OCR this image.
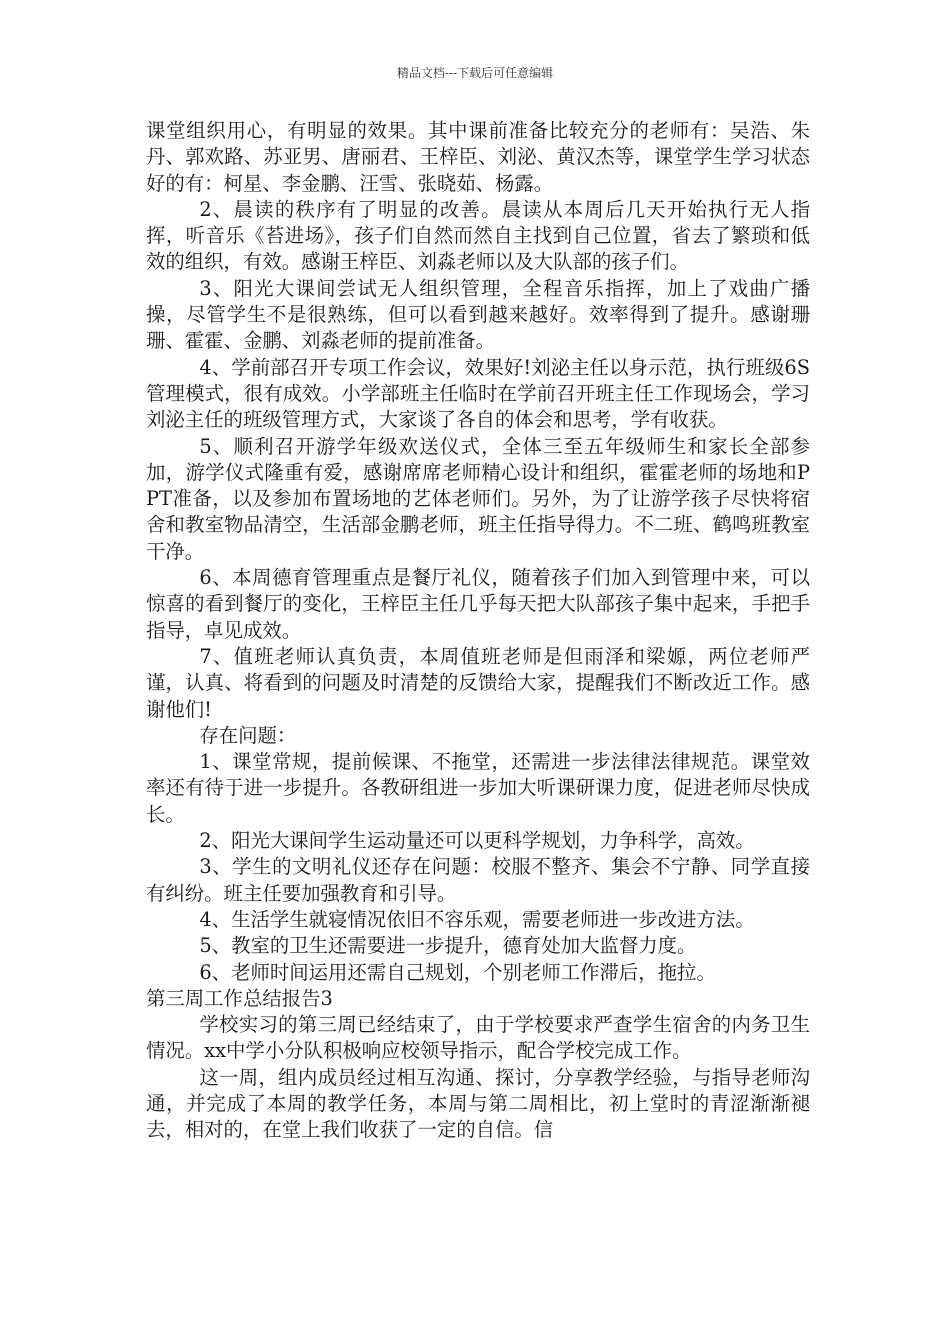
精品文档---下载后可任意编辑

课堂组织用心，有明显的效果。其中课前准备比较充分的老师有：吴浩、朱丹、郭欢路、苏亚男、唐丽君、王梓臣、刘泌、黄汉杰等，课堂学生学习状态好的有：柯星、李金鹏、汪雪、张晓茹、杨露。

2、晨读的秩序有了明显的改善。晨读从本周后几天开始执行无人指挥，听音乐《苔进场》，孩子们自然而然自主找到自己位置，省去了繁琐和低效的组织，有效。感谢王梓臣、刘淼老师以及大队部的孩子们。

3、阳光大课间尝试无人组织管理，全程音乐指挥，加上了戏曲广播操，尽管学生不是很熟练，但可以看到越来越好。效率得到了提升。感谢珊珊、霍霍、金鹏、刘淼老师的提前准备。

4、学前部召开专项工作会议，效果好!刘泌主任以身示范，执行班级6S管理模式，很有成效。小学部班主任临时在学前召开班主任工作现场会，学习刘泌主任的班级管理方式，大家谈了各自的体会和思考，学有收获。

5、顺利召开游学年级欢送仪式，全体三至五年级师生和家长全部参加，游学仪式隆重有爱，感谢席席老师精心设计和组织，霍霍老师的场地和PPT准备，以及参加布置场地的艺体老师们。另外，为了让游学孩子尽快将宿舍和教室物品清空，生活部金鹏老师，班主任指导得力。不二班、鹤鸣班教室干净。

6、本周德育管理重点是餐厅礼仪，随着孩子们加入到管理中来，可以惊喜的看到餐厅的变化，王梓臣主任几乎每天把大队部孩子集中起来，手把手指导，卓见成效。

7、值班老师认真负责，本周值班老师是但雨泽和梁嫄，两位老师严谨，认真、将看到的问题及时清楚的反馈给大家，提醒我们不断改近工作。感谢他们!

存在问题：

1、课堂常规，提前候课、不拖堂，还需进一步法律法律规范。课堂效率还有待于进一步提升。各教研组进一步加大听课研课力度，促进老师尽快成长。

2、阳光大课间学生运动量还可以更科学规划，力争科学，高效。

3、学生的文明礼仪还存在问题：校服不整齐、集会不宁静、同学直接有纠纷。班主任要加强教育和引导。

4、生活学生就寝情况依旧不容乐观，需要老师进一步改进方法。

5、教室的卫生还需要进一步提升，德育处加大监督力度。

6、老师时间运用还需自己规划，个别老师工作滞后，拖拉。

第三周工作总结报告3

学校实习的第三周已经结束了，由于学校要求严查学生宿舍的内务卫生情况。xx中学小分队积极响应校领导指示，配合学校完成工作。

这一周，组内成员经过相互沟通、探讨，分享教学经验，与指导老师沟通，并完成了本周的教学任务，本周与第二周相比，初上堂时的青涩渐渐褪去，相对的，在堂上我们收获了一定的自信。信
